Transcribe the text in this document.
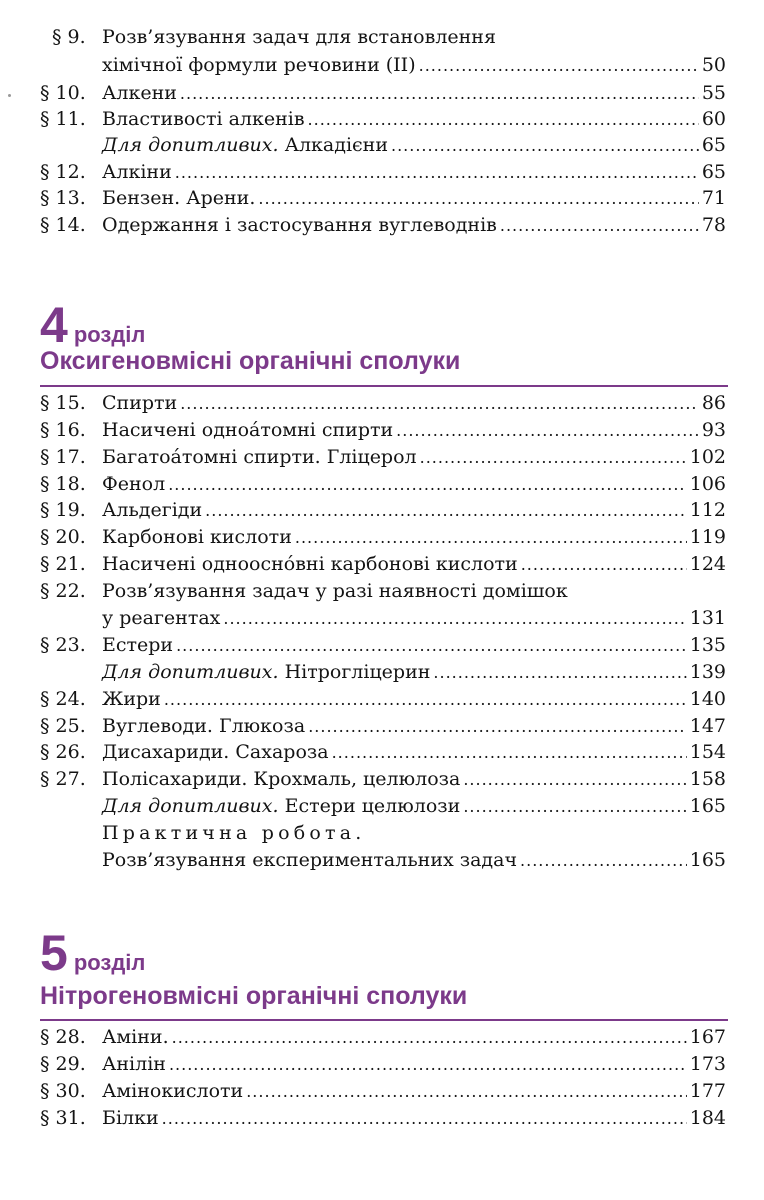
§ 9. Розв’язування задач для встановлення
хімічної формули речовини (ІІ) .....	50
§ 10. Алкени .....	55
§ 11. Властивості алкенів .....	60
Для допитливих. Алкадієни .....	65
§ 12. Алкіни .....	65
§ 13. Бензен. Арени. .....	71
§ 14. Одержання і застосування вуглеводнів .....	78
4 розділ
Оксигеновмісні органічні сполуки
§ 15. Спирти .....	86
§ 16. Насичені одноáтомні спирти .....	93
§ 17. Багатоáтомні спирти. Гліцерол .....	102
§ 18. Фенол .....	106
§ 19. Альдегіди .....	112
§ 20. Карбонові кислоти .....	119
§ 21. Насичені одноосно́вні карбонові кислоти .....	124
§ 22. Розв’язування задач у разі наявності домішок
у реагентах .....	131
§ 23. Естери .....	135
Для допитливих. Нітрогліцерин .....	139
§ 24. Жири .....	140
§ 25. Вуглеводи. Глюкоза .....	147
§ 26. Дисахариди. Сахароза .....	154
§ 27. Полісахариди. Крохмаль, целюлоза .....	158
Для допитливих. Естери целюлози .....	165
Практична робота.
Розв’язування експериментальних задач .....	165
5 розділ
Нітрогеновмісні органічні сполуки
§ 28. Аміни. .....	167
§ 29. Анілін .....	173
§ 30. Амінокислоти .....	177
§ 31. Білки .....	184
